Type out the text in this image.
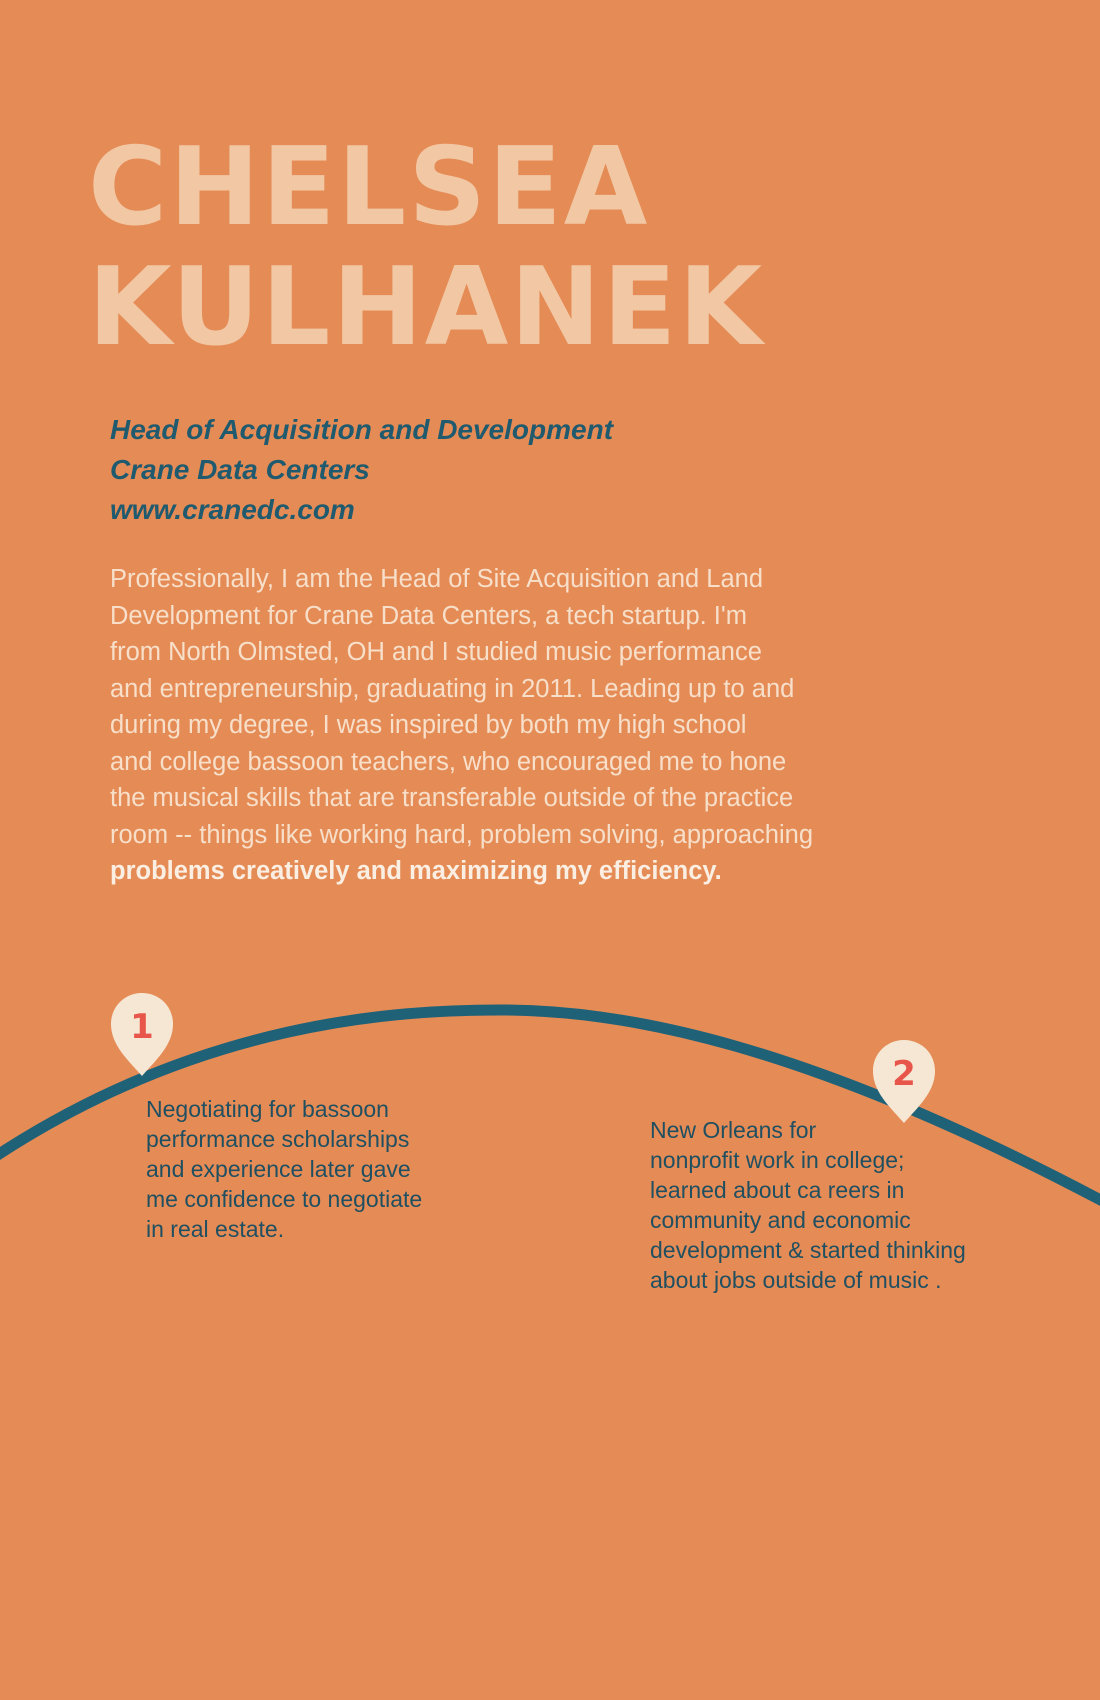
CHELSEA
KULHANEK
Head of Acquisition and Development
Crane Data Centers
www.cranedc.com

Professionally, I am the Head of Site Acquisition and Land
Development for Crane Data Centers, a tech startup. I'm
from North Olmsted, OH and I studied music performance
and entrepreneurship, graduating in 2011. Leading up to and
during my degree, I was inspired by both my high school
and college bassoon teachers, who encouraged me to hone
the musical skills that are transferable outside of the practice
room -- things like working hard, problem solving, approaching
problems creatively and maximizing my efficiency.

1
2

Negotiating for bassoon
performance scholarships
and experience later gave
me confidence to negotiate
in real estate.

New Orleans for
nonprofit work in college;
learned about ca reers in
community and economic
development & started thinking
about jobs outside of music .
